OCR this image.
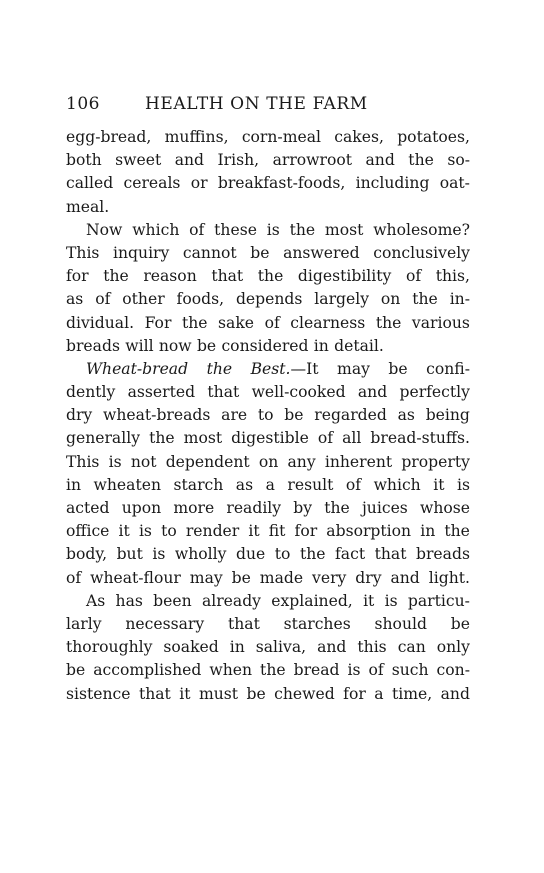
106	HEALTH ON THE FARM
egg-bread, muffins, corn-meal cakes, potatoes,
both sweet and Irish, arrowroot and the so-
called cereals or breakfast-foods, including oat-
meal.
Now which of these is the most wholesome?
This inquiry cannot be answered conclusively
for the reason that the digestibility of this,
as of other foods, depends largely on the in-
dividual. For the sake of clearness the various
breads will now be considered in detail.
Wheat-bread the Best.—It may be confi-
dently asserted that well-cooked and perfectly
dry wheat-breads are to be regarded as being
generally the most digestible of all bread-stuffs.
This is not dependent on any inherent property
in wheaten starch as a result of which it is
acted upon more readily by the juices whose
office it is to render it fit for absorption in the
body, but is wholly due to the fact that breads
of wheat-flour may be made very dry and light.
As has been already explained, it is particu-
larly necessary that starches should be
thoroughly soaked in saliva, and this can only
be accomplished when the bread is of such con-
sistence that it must be chewed for a time, and
